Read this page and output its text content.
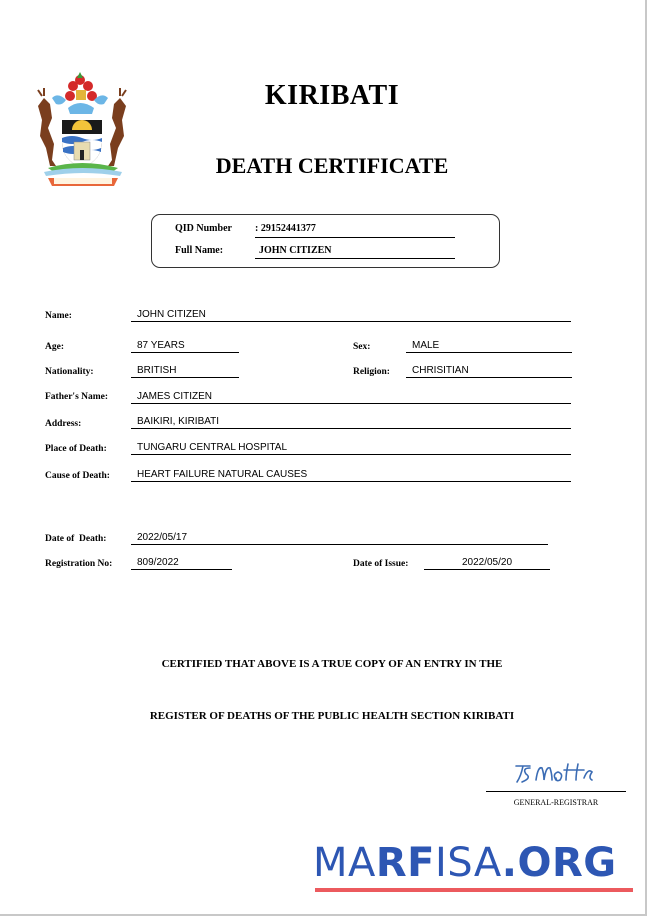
KIRIBATI
DEATH CERTIFICATE
QID Number : 29152441377
Full Name:	JOHN CITIZEN
Name:	JOHN CITIZEN
Age:	87 YEARS	Sex:	MALE
Nationality:	BRITISH	Religion:	CHRISITIAN
Father's Name:	JAMES CITIZEN
Address:	BAIKIRI, KIRIBATI
Place of Death:	TUNGARU CENTRAL HOSPITAL
Cause of Death:	HEART FAILURE NATURAL CAUSES
Date of  Death:	2022/05/17
Registration No:	809/2022	Date of Issue:	2022/05/20
CERTIFIED THAT ABOVE IS A TRUE COPY OF AN ENTRY IN THE
REGISTER OF DEATHS OF THE PUBLIC HEALTH SECTION KIRIBATI
GENERAL-REGISTRAR
MARFISA.ORG
